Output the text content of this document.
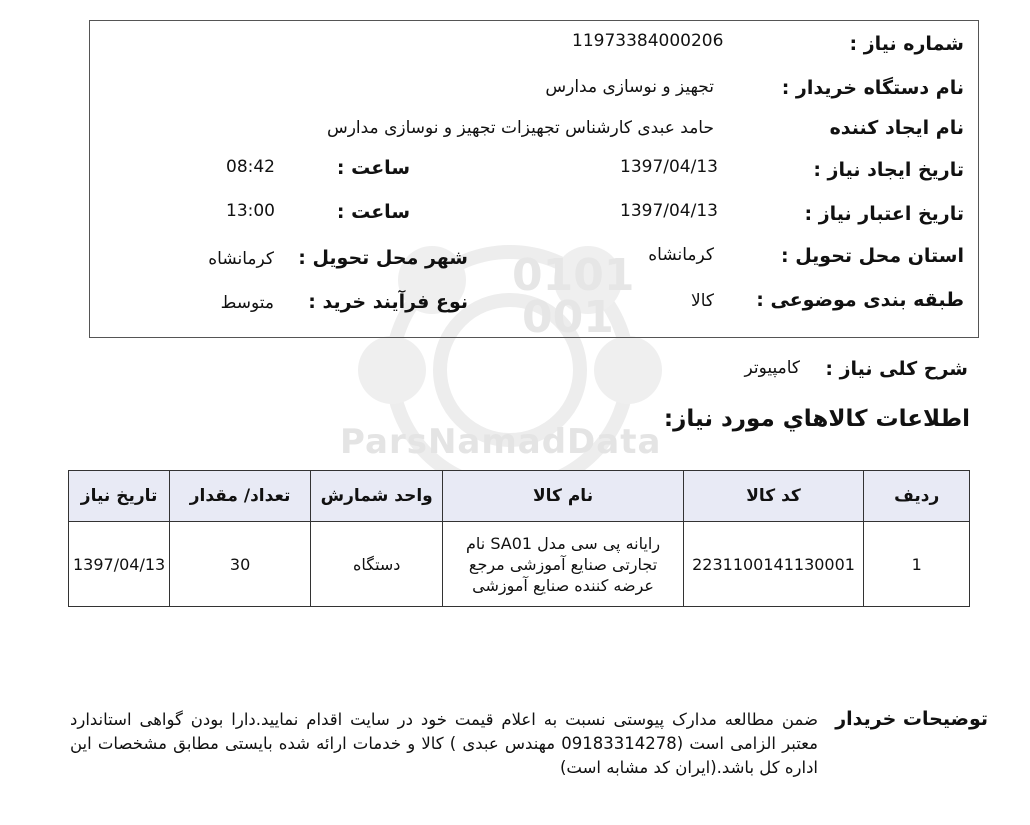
0101
001
ParsNamadData
شماره نیاز :
11973384000206
نام دستگاه خریدار :
تجهیز و نوسازی مدارس
نام ایجاد کننده
حامد عبدی کارشناس تجهیزات تجهیز و نوسازی مدارس
تاریخ ایجاد نیاز :
1397/04/13
ساعت :
08:42
تاریخ اعتبار نیاز :
1397/04/13
ساعت :
13:00
استان محل تحویل :
کرمانشاه
شهر محل تحویل :
کرمانشاه
طبقه بندی موضوعی :
کالا
نوع فرآیند خرید :
متوسط
شرح کلی نیاز :
کامپیوتر
اطلاعات کالاهاي مورد نیاز:
ردیف	کد کالا	نام کالا	واحد شمارش	تعداد/ مقدار	تاریخ نیاز
1	2231100141130001	رایانه پی سی مدل SA01 نام تجارتی صنایع آموزشی مرجع عرضه کننده صنایع آموزشی	دستگاه	30	1397/04/13
توضیحات خریدار
ضمن مطالعه مدارک پیوستی نسبت به اعلام قیمت خود در سایت اقدام نمایید.دارا بودن گواهی استاندارد معتبر الزامی است (09183314278 مهندس عبدی ) کالا و خدمات ارائه شده بایستی مطابق مشخصات این اداره کل باشد.(ایران کد مشابه است)
